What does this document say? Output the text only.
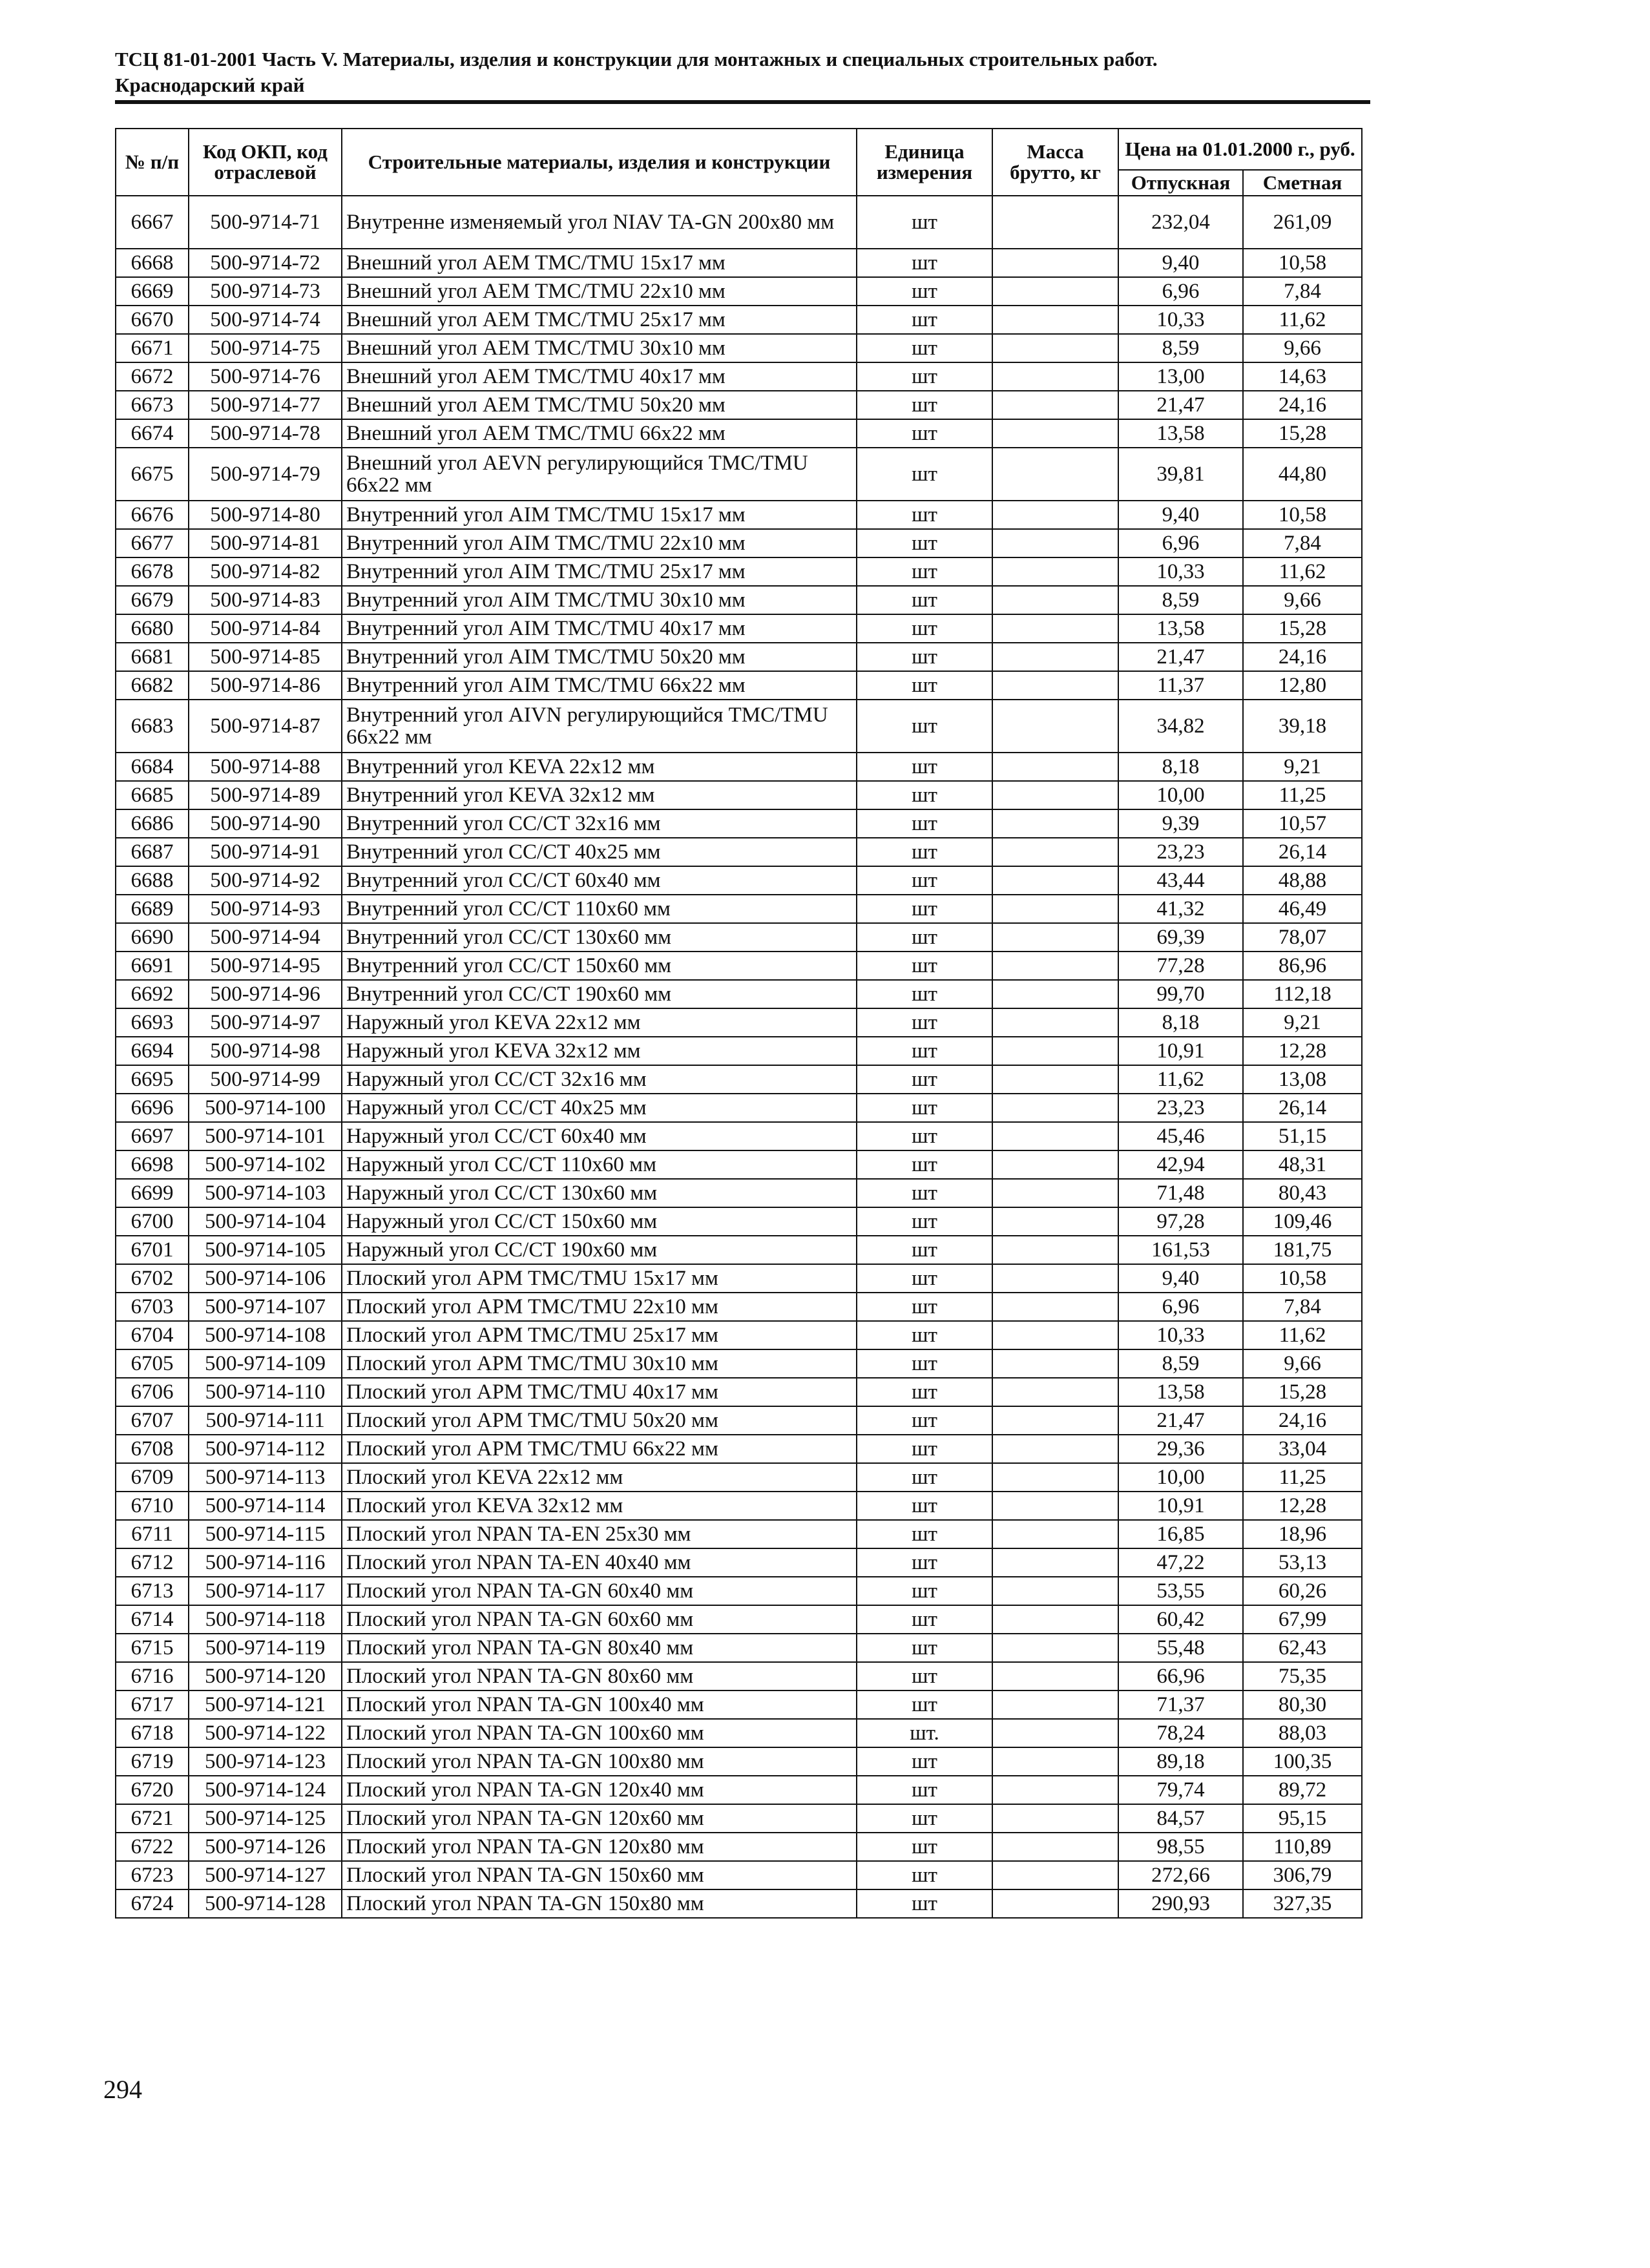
ТСЦ 81-01-2001 Часть V. Материалы, изделия и конструкции для монтажных и специальных строительных работ.
Краснодарский край
№ п/п	Код ОКП, код отраслевой	Строительные материалы, изделия и конструкции	Единица измерения	Масса брутто, кг	Цена на 01.01.2000 г., руб.	
					Отпускная	Сметная
6667	500-9714-71	Внутренне изменяемый угол NIAV TA-GN 200x80 мм	шт		232,04	261,09
6668	500-9714-72	Внешний угол AEM TMC/TMU 15x17 мм	шт		9,40	10,58
6669	500-9714-73	Внешний угол AEM TMC/TMU 22x10 мм	шт		6,96	7,84
6670	500-9714-74	Внешний угол AEM TMC/TMU 25x17 мм	шт		10,33	11,62
6671	500-9714-75	Внешний угол AEM TMC/TMU 30x10 мм	шт		8,59	9,66
6672	500-9714-76	Внешний угол AEM TMC/TMU 40x17 мм	шт		13,00	14,63
6673	500-9714-77	Внешний угол AEM TMC/TMU 50x20 мм	шт		21,47	24,16
6674	500-9714-78	Внешний угол AEM TMC/TMU 66x22 мм	шт		13,58	15,28
6675	500-9714-79	Внешний угол AEVN регулирующийся TMC/TMU 66x22 мм	шт		39,81	44,80
6676	500-9714-80	Внутренний угол AIM TMC/TMU 15x17 мм	шт		9,40	10,58
6677	500-9714-81	Внутренний угол AIM TMC/TMU 22x10 мм	шт		6,96	7,84
6678	500-9714-82	Внутренний угол AIM TMC/TMU 25x17 мм	шт		10,33	11,62
6679	500-9714-83	Внутренний угол AIM TMC/TMU 30x10 мм	шт		8,59	9,66
6680	500-9714-84	Внутренний угол AIM TMC/TMU 40x17 мм	шт		13,58	15,28
6681	500-9714-85	Внутренний угол AIM TMC/TMU 50x20 мм	шт		21,47	24,16
6682	500-9714-86	Внутренний угол AIM TMC/TMU 66x22 мм	шт		11,37	12,80
6683	500-9714-87	Внутренний угол AIVN регулирующийся TMC/TMU 66x22 мм	шт		34,82	39,18
6684	500-9714-88	Внутренний угол KEVA 22x12 мм	шт		8,18	9,21
6685	500-9714-89	Внутренний угол KEVA 32x12 мм	шт		10,00	11,25
6686	500-9714-90	Внутренний угол CC/CT 32x16 мм	шт		9,39	10,57
6687	500-9714-91	Внутренний угол CC/CT 40x25 мм	шт		23,23	26,14
6688	500-9714-92	Внутренний угол CC/CT 60x40 мм	шт		43,44	48,88
6689	500-9714-93	Внутренний угол CC/CT 110x60 мм	шт		41,32	46,49
6690	500-9714-94	Внутренний угол CC/CT 130x60 мм	шт		69,39	78,07
6691	500-9714-95	Внутренний угол CC/CT 150x60 мм	шт		77,28	86,96
6692	500-9714-96	Внутренний угол CC/CT 190x60 мм	шт		99,70	112,18
6693	500-9714-97	Наружный угол KEVA 22x12 мм	шт		8,18	9,21
6694	500-9714-98	Наружный угол KEVA 32x12 мм	шт		10,91	12,28
6695	500-9714-99	Наружный угол CC/CT 32x16 мм	шт		11,62	13,08
6696	500-9714-100	Наружный угол CC/CT 40x25 мм	шт		23,23	26,14
6697	500-9714-101	Наружный угол CC/CT 60x40 мм	шт		45,46	51,15
6698	500-9714-102	Наружный угол CC/CT 110x60 мм	шт		42,94	48,31
6699	500-9714-103	Наружный угол CC/CT 130x60 мм	шт		71,48	80,43
6700	500-9714-104	Наружный угол CC/CT 150x60 мм	шт		97,28	109,46
6701	500-9714-105	Наружный угол CC/CT 190x60 мм	шт		161,53	181,75
6702	500-9714-106	Плоский угол APM TMC/TMU 15x17 мм	шт		9,40	10,58
6703	500-9714-107	Плоский угол APM TMC/TMU 22x10 мм	шт		6,96	7,84
6704	500-9714-108	Плоский угол APM TMC/TMU 25x17 мм	шт		10,33	11,62
6705	500-9714-109	Плоский угол APM TMC/TMU 30x10 мм	шт		8,59	9,66
6706	500-9714-110	Плоский угол APM TMC/TMU 40x17 мм	шт		13,58	15,28
6707	500-9714-111	Плоский угол APM TMC/TMU 50x20 мм	шт		21,47	24,16
6708	500-9714-112	Плоский угол APM TMC/TMU 66x22 мм	шт		29,36	33,04
6709	500-9714-113	Плоский угол KEVA 22x12 мм	шт		10,00	11,25
6710	500-9714-114	Плоский угол KEVA 32x12 мм	шт		10,91	12,28
6711	500-9714-115	Плоский угол NPAN TA-EN 25x30 мм	шт		16,85	18,96
6712	500-9714-116	Плоский угол NPAN TA-EN 40x40 мм	шт		47,22	53,13
6713	500-9714-117	Плоский угол NPAN TA-GN 60x40 мм	шт		53,55	60,26
6714	500-9714-118	Плоский угол NPAN TA-GN 60x60 мм	шт		60,42	67,99
6715	500-9714-119	Плоский угол NPAN TA-GN 80x40 мм	шт		55,48	62,43
6716	500-9714-120	Плоский угол NPAN TA-GN 80x60 мм	шт		66,96	75,35
6717	500-9714-121	Плоский угол NPAN TA-GN 100x40 мм	шт		71,37	80,30
6718	500-9714-122	Плоский угол NPAN TA-GN 100x60 мм	шт.		78,24	88,03
6719	500-9714-123	Плоский угол NPAN TA-GN 100x80 мм	шт		89,18	100,35
6720	500-9714-124	Плоский угол NPAN TA-GN 120x40 мм	шт		79,74	89,72
6721	500-9714-125	Плоский угол NPAN TA-GN 120x60 мм	шт		84,57	95,15
6722	500-9714-126	Плоский угол NPAN TA-GN 120x80 мм	шт		98,55	110,89
6723	500-9714-127	Плоский угол NPAN TA-GN 150x60 мм	шт		272,66	306,79
6724	500-9714-128	Плоский угол NPAN TA-GN 150x80 мм	шт		290,93	327,35
294
